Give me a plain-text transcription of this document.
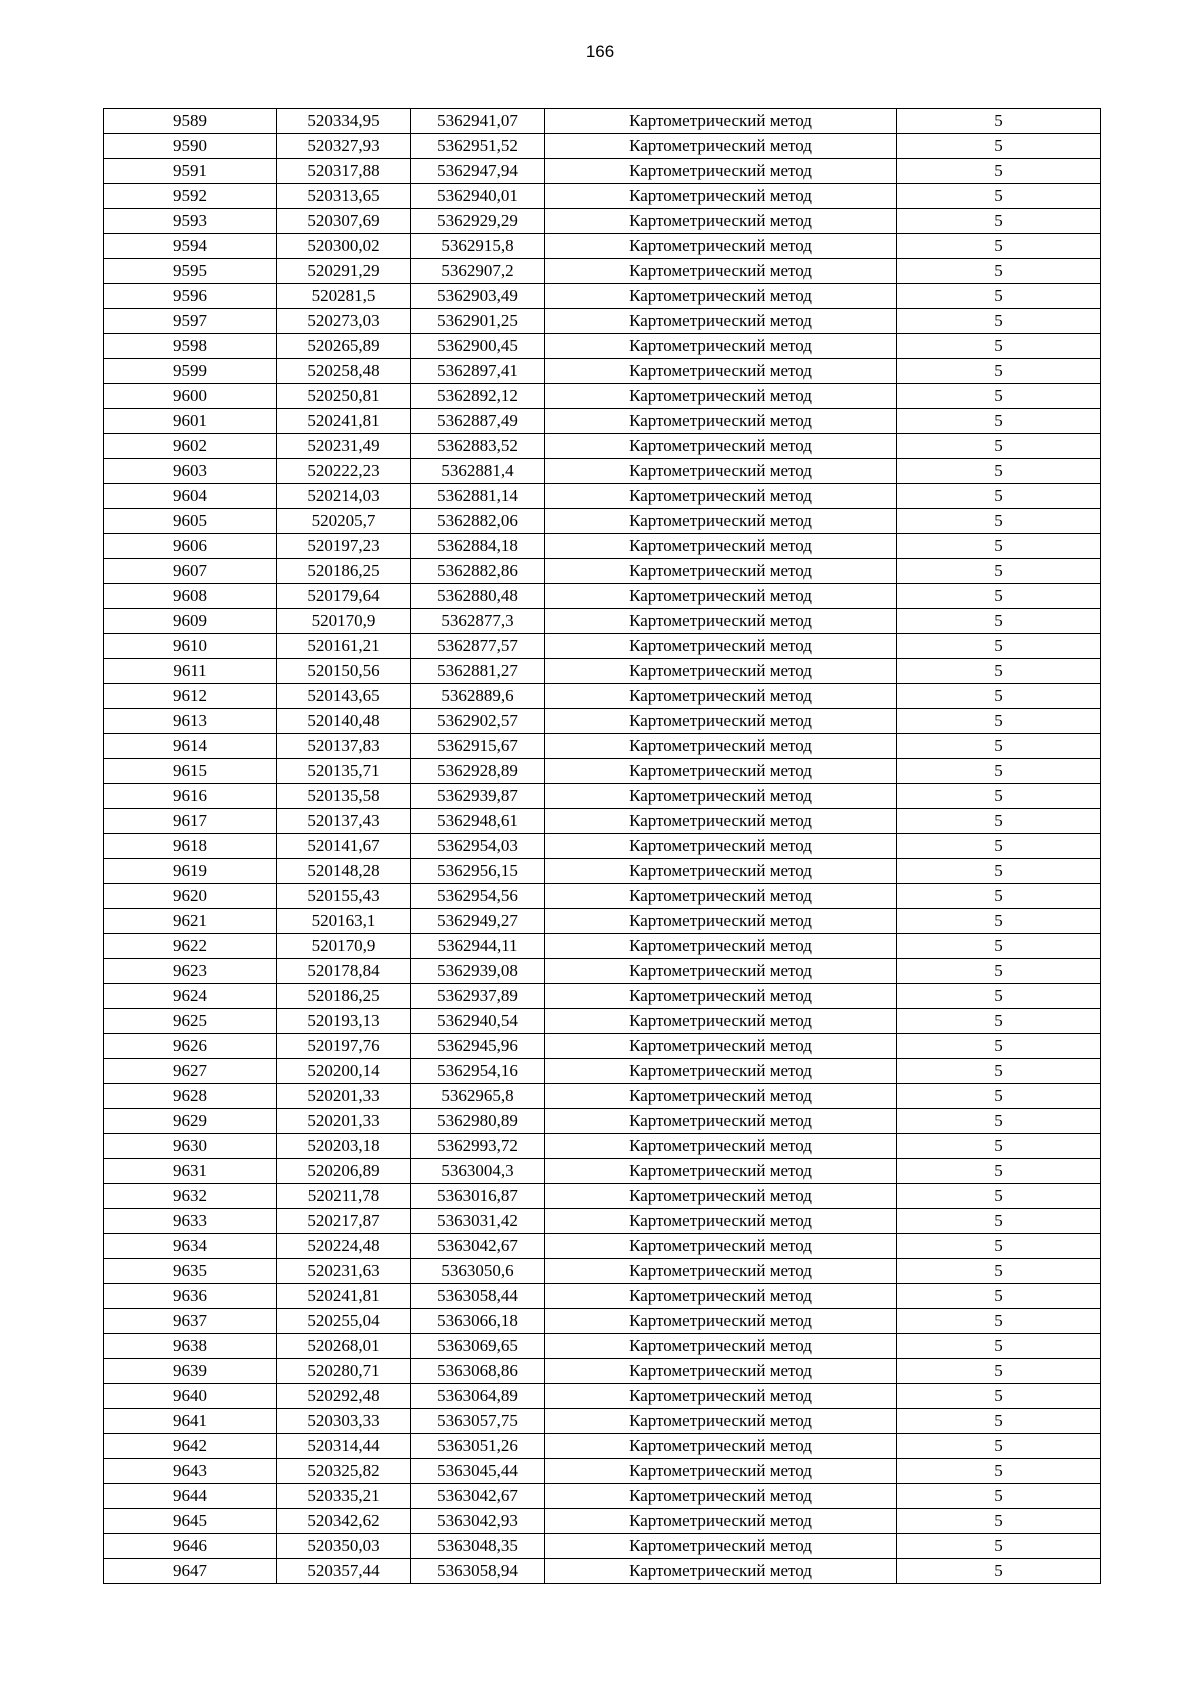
166
9589	520334,95	5362941,07	Картометрический метод	5
9590	520327,93	5362951,52	Картометрический метод	5
9591	520317,88	5362947,94	Картометрический метод	5
9592	520313,65	5362940,01	Картометрический метод	5
9593	520307,69	5362929,29	Картометрический метод	5
9594	520300,02	5362915,8	Картометрический метод	5
9595	520291,29	5362907,2	Картометрический метод	5
9596	520281,5	5362903,49	Картометрический метод	5
9597	520273,03	5362901,25	Картометрический метод	5
9598	520265,89	5362900,45	Картометрический метод	5
9599	520258,48	5362897,41	Картометрический метод	5
9600	520250,81	5362892,12	Картометрический метод	5
9601	520241,81	5362887,49	Картометрический метод	5
9602	520231,49	5362883,52	Картометрический метод	5
9603	520222,23	5362881,4	Картометрический метод	5
9604	520214,03	5362881,14	Картометрический метод	5
9605	520205,7	5362882,06	Картометрический метод	5
9606	520197,23	5362884,18	Картометрический метод	5
9607	520186,25	5362882,86	Картометрический метод	5
9608	520179,64	5362880,48	Картометрический метод	5
9609	520170,9	5362877,3	Картометрический метод	5
9610	520161,21	5362877,57	Картометрический метод	5
9611	520150,56	5362881,27	Картометрический метод	5
9612	520143,65	5362889,6	Картометрический метод	5
9613	520140,48	5362902,57	Картометрический метод	5
9614	520137,83	5362915,67	Картометрический метод	5
9615	520135,71	5362928,89	Картометрический метод	5
9616	520135,58	5362939,87	Картометрический метод	5
9617	520137,43	5362948,61	Картометрический метод	5
9618	520141,67	5362954,03	Картометрический метод	5
9619	520148,28	5362956,15	Картометрический метод	5
9620	520155,43	5362954,56	Картометрический метод	5
9621	520163,1	5362949,27	Картометрический метод	5
9622	520170,9	5362944,11	Картометрический метод	5
9623	520178,84	5362939,08	Картометрический метод	5
9624	520186,25	5362937,89	Картометрический метод	5
9625	520193,13	5362940,54	Картометрический метод	5
9626	520197,76	5362945,96	Картометрический метод	5
9627	520200,14	5362954,16	Картометрический метод	5
9628	520201,33	5362965,8	Картометрический метод	5
9629	520201,33	5362980,89	Картометрический метод	5
9630	520203,18	5362993,72	Картометрический метод	5
9631	520206,89	5363004,3	Картометрический метод	5
9632	520211,78	5363016,87	Картометрический метод	5
9633	520217,87	5363031,42	Картометрический метод	5
9634	520224,48	5363042,67	Картометрический метод	5
9635	520231,63	5363050,6	Картометрический метод	5
9636	520241,81	5363058,44	Картометрический метод	5
9637	520255,04	5363066,18	Картометрический метод	5
9638	520268,01	5363069,65	Картометрический метод	5
9639	520280,71	5363068,86	Картометрический метод	5
9640	520292,48	5363064,89	Картометрический метод	5
9641	520303,33	5363057,75	Картометрический метод	5
9642	520314,44	5363051,26	Картометрический метод	5
9643	520325,82	5363045,44	Картометрический метод	5
9644	520335,21	5363042,67	Картометрический метод	5
9645	520342,62	5363042,93	Картометрический метод	5
9646	520350,03	5363048,35	Картометрический метод	5
9647	520357,44	5363058,94	Картометрический метод	5
